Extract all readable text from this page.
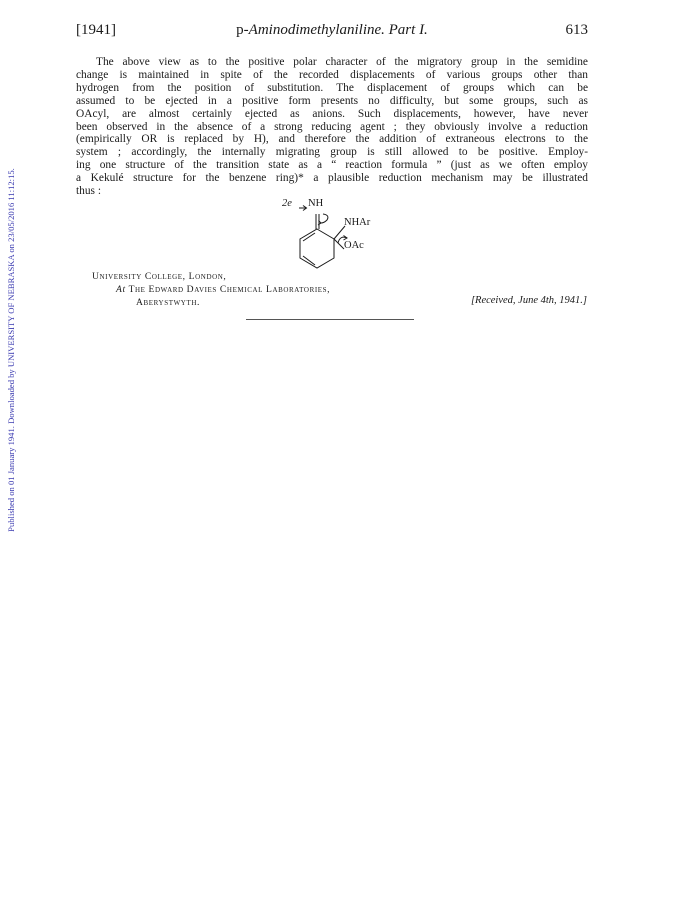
Published on 01 January 1941. Downloaded by UNIVERSITY OF NEBRASKA on 23/05/2016 11:12:15.
[1941]	p-Aminodimethylaniline. Part I.	613

The above view as to the positive polar character of the migratory group in the semidine
change is maintained in spite of the recorded displacements of various groups other than
hydrogen from the position of substitution. The displacement of groups which can be
assumed to be ejected in a positive form presents no difficulty, but some groups, such as
OAcyl, are almost certainly ejected as anions. Such displacements, however, have never
been observed in the absence of a strong reducing agent ; they obviously involve a reduction
(empirically OR is replaced by H), and therefore the addition of extraneous electrons to the
system ; accordingly, the internally migrating group is still allowed to be positive. Employ-
ing one structure of the transition state as a “ reaction formula ” (just as we often employ
a Kekulé structure for the benzene ring)* a plausible reduction mechanism may be illustrated
thus :

2e NH
NHAr
OAc
University College, London,
At The Edward Davies Chemical Laboratories,
Aberystwyth.	[Received, June 4th, 1941.]
